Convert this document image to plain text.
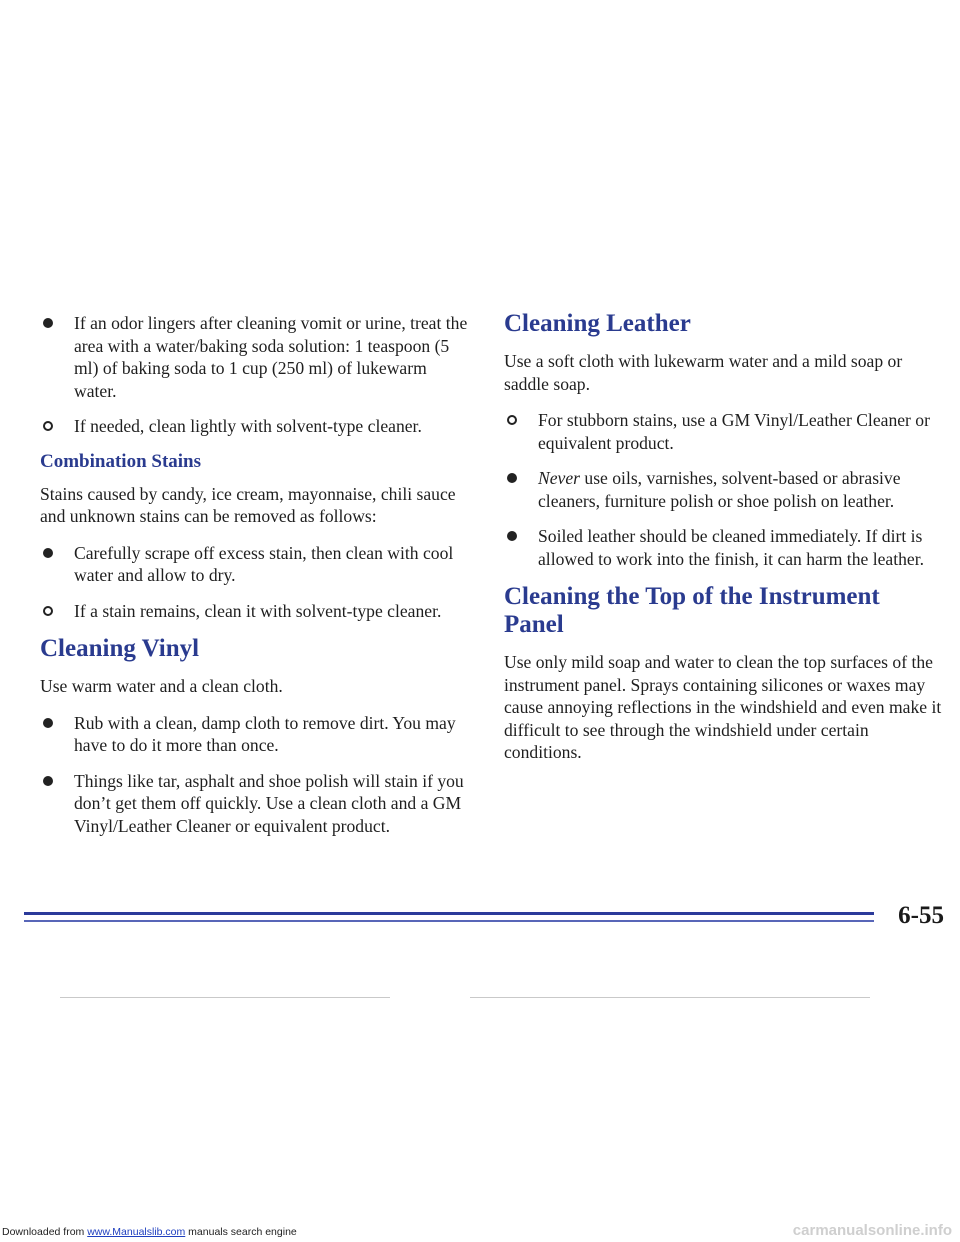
If an odor lingers after cleaning vomit or urine, treat the area with a water/baking soda solution: 1 teaspoon (5 ml) of baking soda to 1 cup (250 ml) of lukewarm water.
If needed, clean lightly with solvent-type cleaner.
Combination Stains

Stains caused by candy, ice cream, mayonnaise, chili sauce and unknown stains can be removed as follows:

Carefully scrape off excess stain, then clean with cool water and allow to dry.
If a stain remains, clean it with solvent-type cleaner.
Cleaning Vinyl

Use warm water and a clean cloth.

Rub with a clean, damp cloth to remove dirt. You may have to do it more than once.
Things like tar, asphalt and shoe polish will stain if you don’t get them off quickly. Use a clean cloth and a GM Vinyl/Leather Cleaner or equivalent product.
Cleaning Leather

Use a soft cloth with lukewarm water and a mild soap or saddle soap.

For stubborn stains, use a GM Vinyl/Leather Cleaner or equivalent product.
Never use oils, varnishes, solvent-based or abrasive cleaners, furniture polish or shoe polish on leather.
Soiled leather should be cleaned immediately. If dirt is allowed to work into the finish, it can harm the leather.
Cleaning the Top of the Instrument Panel

Use only mild soap and water to clean the top surfaces of the instrument panel. Sprays containing silicones or waxes may cause annoying reflections in the windshield and even make it difficult to see through the windshield under certain conditions.

6-55
Downloaded from www.Manualslib.com manuals search engine	carmanualsonline.info
